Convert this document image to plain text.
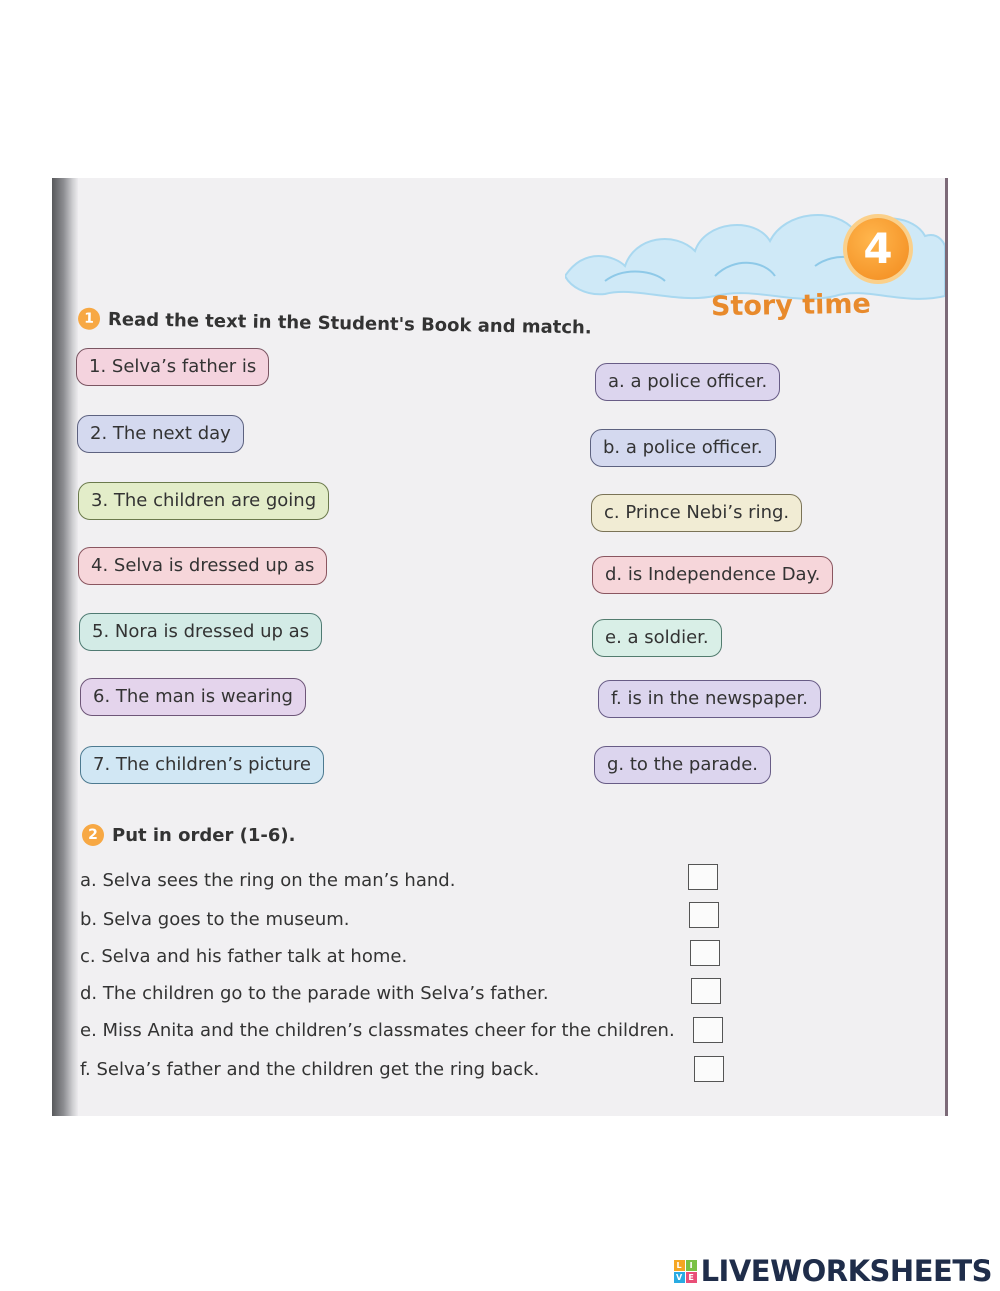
4
Story time
1 Read the text in the Student's Book and match.
1. Selva’s father is
2. The next day
3. The children are going
4. Selva is dressed up as
5. Nora is dressed up as
6. The man is wearing
7. The children’s picture
a. a police officer.
b. a police officer.
c. Prince Nebi’s ring.
d. is Independence Day.
e. a soldier.
f. is in the newspaper.
g. to the parade.
2 Put in order (1-6).
a. Selva sees the ring on the man’s hand.
b. Selva goes to the museum.
c. Selva and his father talk at home.
d. The children go to the parade with Selva’s father.
e. Miss Anita and the children’s classmates cheer for the children.
f. Selva’s father and the children get the ring back.
L I
V E LIVEWORKSHEETS
